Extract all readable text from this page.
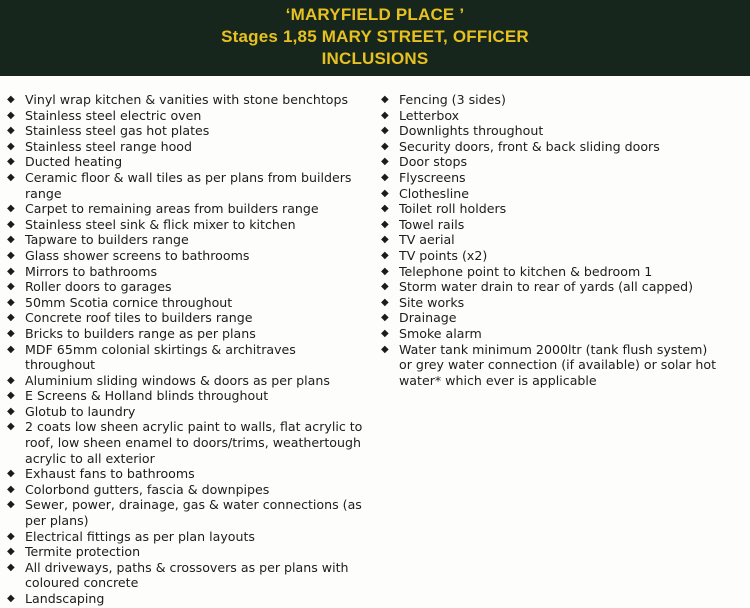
‘MARYFIELD PLACE ’
Stages 1,85 MARY STREET, OFFICER
INCLUSIONS
◆ Vinyl wrap kitchen & vanities with stone benchtops
◆ Stainless steel electric oven
◆ Stainless steel gas hot plates
◆ Stainless steel range hood
◆ Ducted heating
◆ Ceramic floor & wall tiles as per plans from builders range
◆ Carpet to remaining areas from builders range
◆ Stainless steel sink & flick mixer to kitchen
◆ Tapware to builders range
◆ Glass shower screens to bathrooms
◆ Mirrors to bathrooms
◆ Roller doors to garages
◆ 50mm Scotia cornice throughout
◆ Concrete roof tiles to builders range
◆ Bricks to builders range as per plans
◆ MDF 65mm colonial skirtings & architraves throughout
◆ Aluminium sliding windows & doors as per plans
◆ E Screens & Holland blinds throughout
◆ Glotub to laundry
◆ 2 coats low sheen acrylic paint to walls, flat acrylic to roof, low sheen enamel to doors/trims, weathertough acrylic to all exterior
◆ Exhaust fans to bathrooms
◆ Colorbond gutters, fascia & downpipes
◆ Sewer, power, drainage, gas & water connections (as per plans)
◆ Electrical fittings as per plan layouts
◆ Termite protection
◆ All driveways, paths & crossovers as per plans with coloured concrete
◆ Landscaping
◆ Fencing (3 sides)
◆ Letterbox
◆ Downlights throughout
◆ Security doors, front & back sliding doors
◆ Door stops
◆ Flyscreens
◆ Clothesline
◆ Toilet roll holders
◆ Towel rails
◆ TV aerial
◆ TV points (x2)
◆ Telephone point to kitchen & bedroom 1
◆ Storm water drain to rear of yards (all capped)
◆ Site works
◆ Drainage
◆ Smoke alarm
◆ Water tank minimum 2000ltr (tank flush system) or grey water connection (if available) or solar hot water* which ever is applicable
